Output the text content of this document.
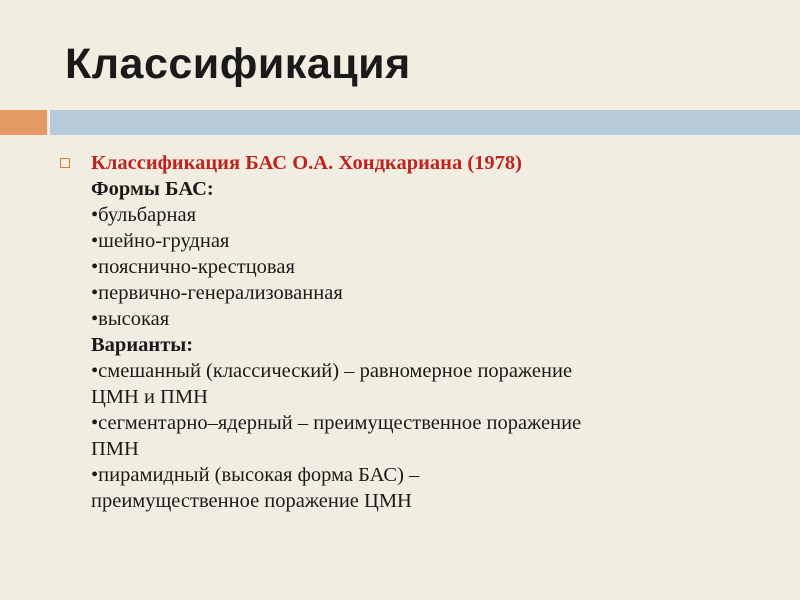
Классификация
Классификация БАС О.А. Хондкариана (1978)
Формы БАС:
•бульбарная
•шейно-грудная
•пояснично-крестцовая
•первично-генерализованная
•высокая
Варианты:
•смешанный (классический) – равномерное поражение
ЦМН и ПМН
•сегментарно–ядерный – преимущественное поражение
ПМН
•пирамидный (высокая форма БАС) –
преимущественное поражение ЦМН
